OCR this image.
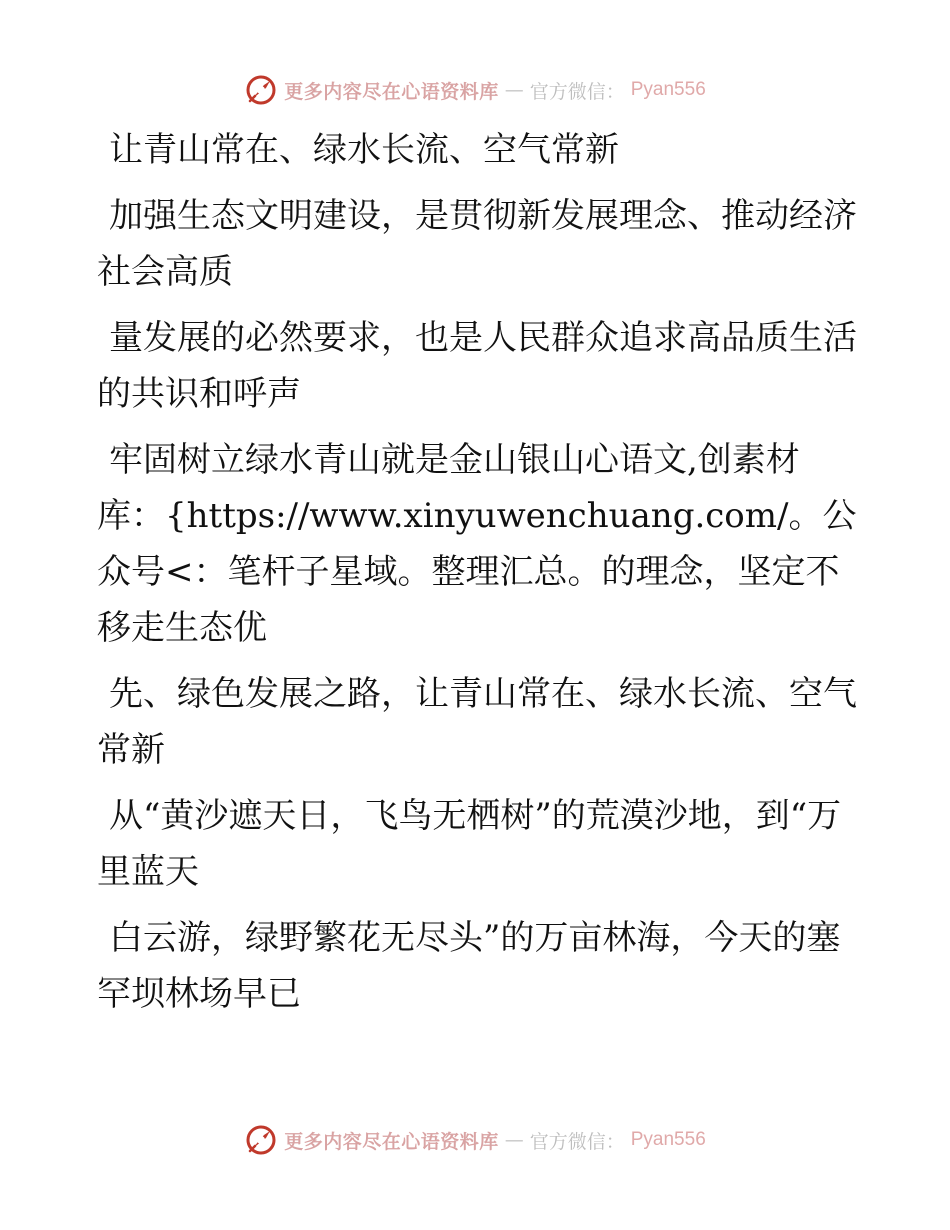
更多内容尽在心语资料库 — 官方微信： Pyan556

让青山常在、绿水长流、空气常新

加强生态文明建设，是贯彻新发展理念、推动经济社会高质

量发展的必然要求，也是人民群众追求高品质生活的共识和呼声

牢固树立绿水青山就是金山银山心语文,创素材库：{https://www.xinyuwenchuang.com/。公众号<：笔杆子星域。整理汇总。的理念，坚定不移走生态优

先、绿色发展之路，让青山常在、绿水长流、空气常新

从“黄沙遮天日，飞鸟无栖树”的荒漠沙地，到“万里蓝天

白云游，绿野繁花无尽头”的万亩林海，今天的塞罕坝林场早已

更多内容尽在心语资料库 — 官方微信： Pyan556
